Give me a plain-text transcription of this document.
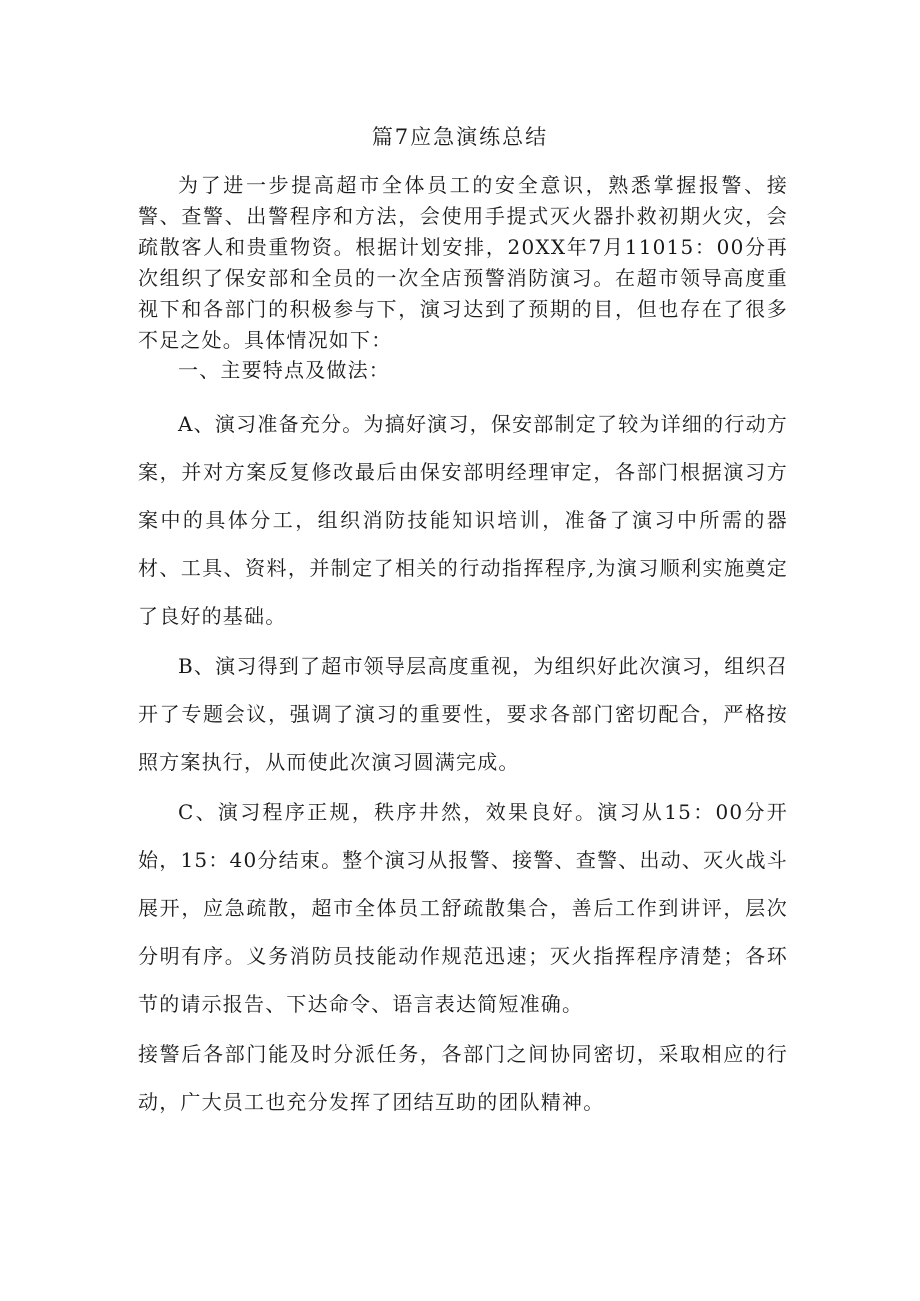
篇7应急演练总结

为了进一步提高超市全体员工的安全意识，熟悉掌握报警、接警、查警、出警程序和方法，会使用手提式灭火器扑救初期火灾，会疏散客人和贵重物资。根据计划安排，20XX年7月11015：00分再次组织了保安部和全员的一次全店预警消防演习。在超市领导高度重视下和各部门的积极参与下，演习达到了预期的目，但也存在了很多不足之处。具体情况如下：

一、主要特点及做法：

A、演习准备充分。为搞好演习，保安部制定了较为详细的行动方案，并对方案反复修改最后由保安部明经理审定，各部门根据演习方案中的具体分工，组织消防技能知识培训，准备了演习中所需的器材、工具、资料，并制定了相关的行动指挥程序,为演习顺利实施奠定了良好的基础。

B、演习得到了超市领导层高度重视，为组织好此次演习，组织召开了专题会议，强调了演习的重要性，要求各部门密切配合，严格按照方案执行，从而使此次演习圆满完成。

C、演习程序正规，秩序井然，效果良好。演习从15：00分开始，15：40分结束。整个演习从报警、接警、查警、出动、灭火战斗展开，应急疏散，超市全体员工舒疏散集合，善后工作到讲评，层次分明有序。义务消防员技能动作规范迅速；灭火指挥程序清楚；各环节的请示报告、下达命令、语言表达简短准确。

接警后各部门能及时分派任务，各部门之间协同密切，采取相应的行动，广大员工也充分发挥了团结互助的团队精神。
